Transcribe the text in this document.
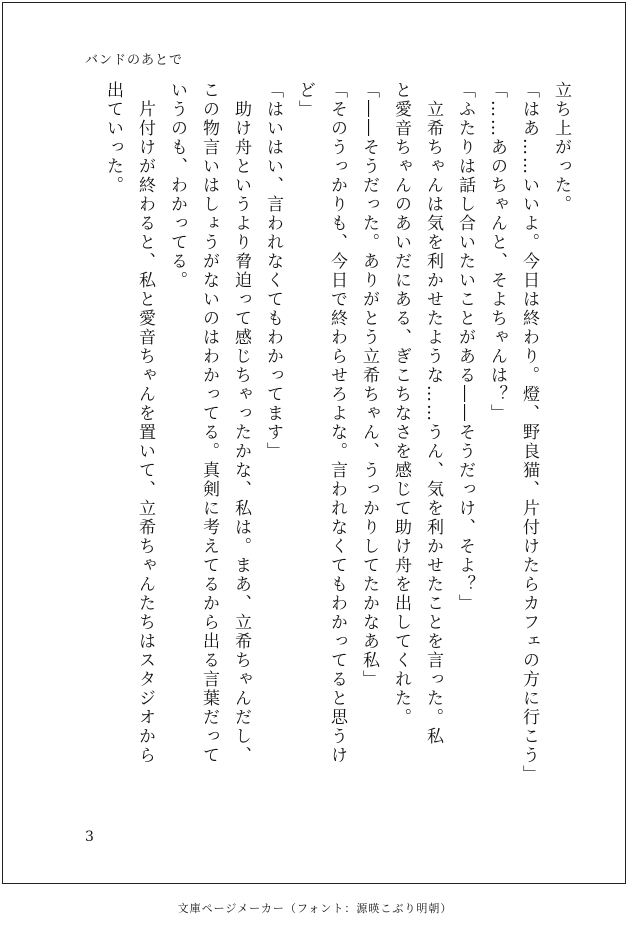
バンドのあとで
立ち上がった。
「はあ……いいよ。今日は終わり。燈、野良猫、片付けたらカフェの方に行こう」
「……あのちゃんと、そよちゃんは？」
「ふたりは話し合いたいことがある――そうだっけ、そよ？」
　立希ちゃんは気を利かせたような……うん、気を利かせたことを言った。私
と愛音ちゃんのあいだにある、ぎこちなさを感じて助け舟を出してくれた。
「――そうだった。ありがとう立希ちゃん、うっかりしてたかなあ私」
「そのうっかりも、今日で終わらせろよな。言われなくてもわかってると思うけ
ど」
「はいはい、言われなくてもわかってます」
　助け舟というより脅迫って感じちゃったかな、私は。まあ、立希ちゃんだし、
この物言いはしょうがないのはわかってる。真剣に考えてるから出る言葉だって
いうのも、わかってる。
　片付けが終わると、私と愛音ちゃんを置いて、立希ちゃんたちはスタジオから
出ていった。
3
文庫ページメーカー（フォント：源暎こぶり明朝）
